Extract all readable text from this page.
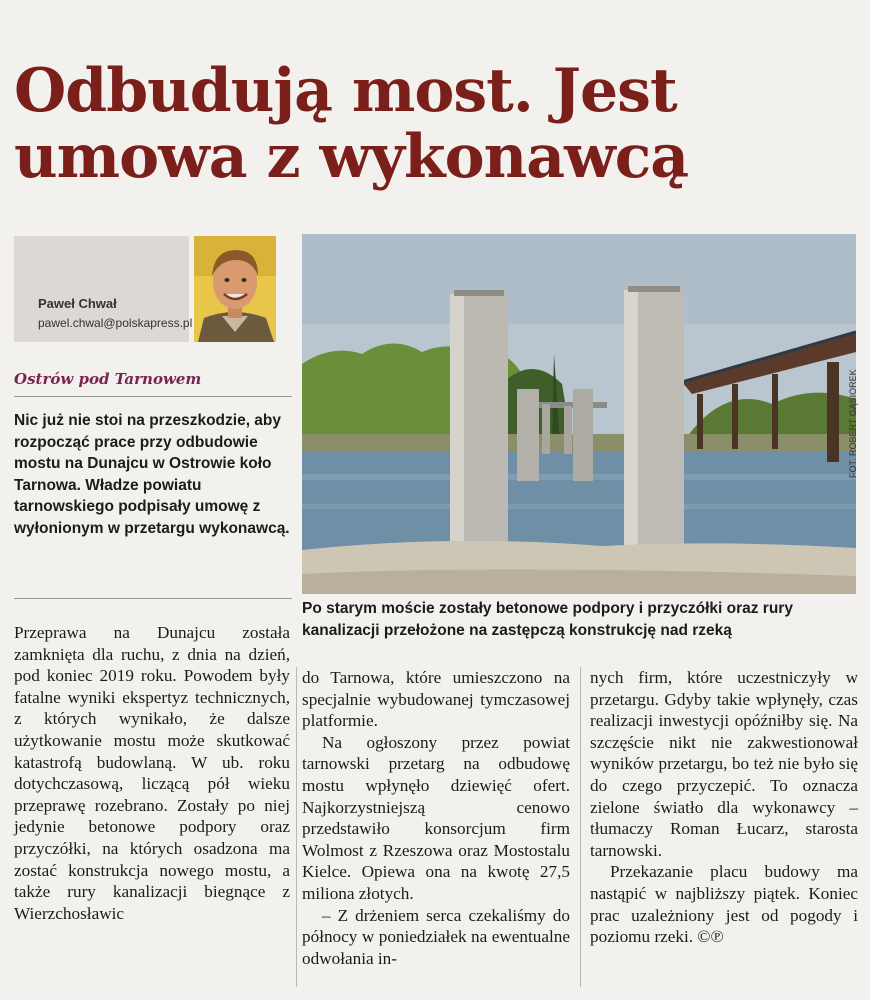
Odbudują most. Jest
umowa z wykonawcą
Paweł Chwał
pawel.chwal@polskapress.pl
Ostrów pod Tarnowem
Nic już nie stoi na przeszkodzie, aby rozpocząć prace przy odbudowie mostu na Dunajcu w Ostrowie koło Tarnowa. Władze powiatu tarnowskiego podpisały umowę z wyłonionym w przetargu wykonawcą.
FOT. ROBERT GĄSIOREK
Po starym moście zostały betonowe podpory i przyczółki oraz rury kanalizacji przełożone na zastępczą konstrukcję nad rzeką

Przeprawa na Dunajcu została zamknięta dla ruchu, z dnia na dzień, pod koniec 2019 roku. Powodem były fatalne wyniki ekspertyz technicznych, z których wynikało, że dalsze użytkowanie mostu może skutkować katastrofą budowlaną. W ub. roku dotychczasową, liczącą pół wieku przeprawę rozebrano. Zostały po niej jedynie betonowe podpory oraz przyczółki, na których osadzona ma zostać konstrukcja nowego mostu, a także rury kanalizacji biegnące z Wierzchosławic

do Tarnowa, które umieszczono na specjalnie wybudowanej tymczasowej platformie.

Na ogłoszony przez powiat tarnowski przetarg na odbudowę mostu wpłynęło dziewięć ofert. Najkorzystniejszą cenowo przedstawiło konsorcjum firm Wolmost z Rzeszowa oraz Mostostalu Kielce. Opiewa ona na kwotę 27,5 miliona złotych.

– Z drżeniem serca czekaliśmy do północy w poniedziałek na ewentualne odwołania in-

nych firm, które uczestniczyły w przetargu. Gdyby takie wpłynęły, czas realizacji inwestycji opóźniłby się. Na szczęście nikt nie zakwestionował wyników przetargu, bo też nie było się do czego przyczepić. To oznacza zielone światło dla wykonawcy – tłumaczy Roman Łucarz, starosta tarnowski.

Przekazanie placu budowy ma nastąpić w najbliższy piątek. Koniec prac uzależniony jest od pogody i poziomu rzeki. ©℗
